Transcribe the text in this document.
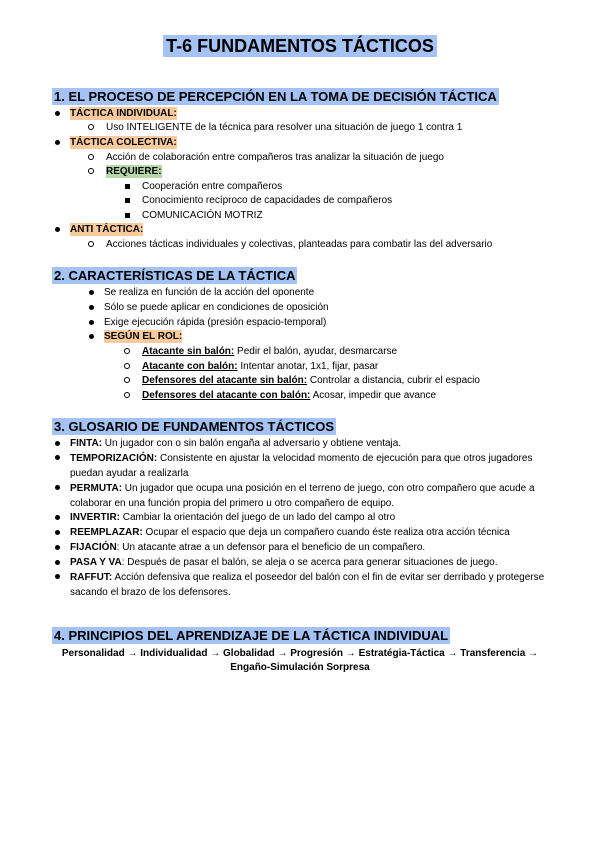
T-6 FUNDAMENTOS TÁCTICOS
1. EL PROCESO DE PERCEPCIÓN EN LA TOMA DE DECISIÓN TÁCTICA
TÁCTICA INDIVIDUAL:
Uso INTELIGENTE de la técnica para resolver una situación de juego 1 contra 1
TÁCTICA COLECTIVA:
Acción de colaboración entre compañeros tras analizar la situación de juego
REQUIERE:
Cooperación entre compañeros
Conocimiento recíproco de capacidades de compañeros
COMUNICACIÓN MOTRIZ
ANTI TÁCTICA:
Acciones tácticas individuales y colectivas, planteadas para combatir las del adversario
2. CARACTERÍSTICAS DE LA TÁCTICA
Se realiza en función de la acción del oponente
Sólo se puede aplicar en condiciones de oposición
Exige ejecución rápida (presión espacio-temporal)
SEGÚN EL ROL:
Atacante sin balón: Pedir el balón, ayudar, desmarcarse
Atacante con balón: Intentar anotar, 1x1, fijar, pasar
Defensores del atacante sin balón: Controlar a distancia, cubrir el espacio
Defensores del atacante con balón: Acosar, impedir que avance
3. GLOSARIO DE FUNDAMENTOS TÁCTICOS
FINTA: Un jugador con o sin balón engaña al adversario y obtiene ventaja.
TEMPORIZACIÓN: Consistente en ajustar la velocidad momento de ejecución para que otros jugadores puedan ayudar a realizarla
PERMUTA: Un jugador que ocupa una posición en el terreno de juego, con otro compañero que acude a colaborar en una función propia del primero u otro compañero de equipo.
INVERTIR: Cambiar la orientación del juego de un lado del campo al otro
REEMPLAZAR: Ocupar el espacio que deja un compañero cuando éste realiza otra acción técnica
FIJACIÓN: Un atacante atrae a un defensor para el beneficio de un compañero.
PASA Y VA: Después de pasar el balón, se aleja o se acerca para generar situaciones de juego.
RAFFUT: Acción defensiva que realiza el poseedor del balón con el fin de evitar ser derribado y protegerse sacando el brazo de los defensores.
4. PRINCIPIOS DEL APRENDIZAJE DE LA TÁCTICA INDIVIDUAL
Personalidad → Individualidad → Globalidad → Progresión → Estratégia-Táctica → Transferencia →
Engaño-Simulación Sorpresa
